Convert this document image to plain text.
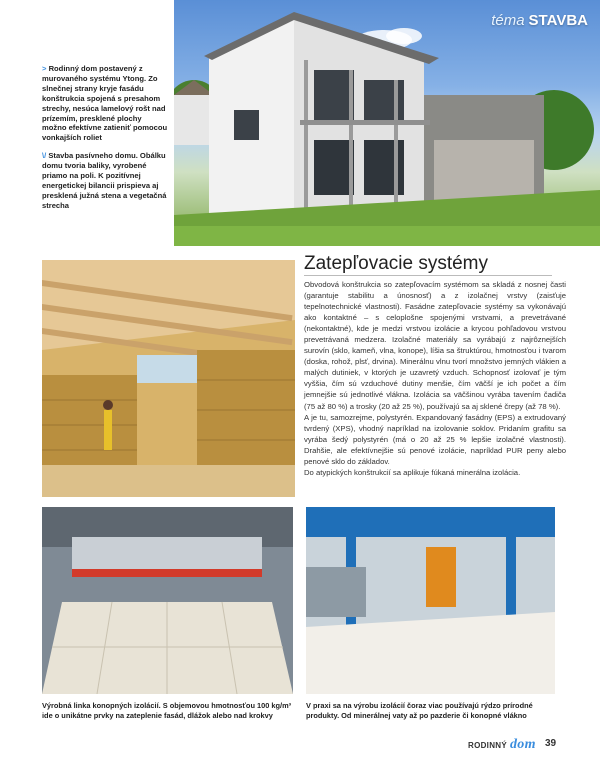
téma STAVBA
> Rodinný dom postavený z murovaného systému Ytong. Zo slnečnej strany kryje fasádu konštrukcia spojená s presahom strechy, nesúca lamelový rošt nad prízemím, presklené plochy možno efektívne zatieniť pomocou vonkajších roliet
\/ Stavba pasívneho domu. Obálku domu tvoria baliky, vyrobené priamo na poli. K pozitívnej energetickej bilancii prispieva aj presklená južná stena a vegetačná strecha
Zatepľovacie systémy

Obvodová konštrukcia so zatepľovacím systémom sa skladá z nosnej časti (garantuje stabilitu a únosnosť) a z izolačnej vrstvy (zaisťuje tepelnotechnické vlastnosti). Fasádne zatepľovacie systémy sa vykonávajú ako kontaktné – s celoplošne spojenými vrstvami, a prevetrávané (nekontaktné), kde je medzi vrstvou izolácie a krycou pohľadovou vrstvou prevetrávaná medzera. Izolačné materiály sa vyrábajú z najrôznejších surovín (sklo, kameň, vlna, konope), líšia sa štruktúrou, hmotnosťou i tvarom (doska, rohož, plsť, drvina). Minerálnu vlnu tvorí množstvo jemných vlákien a malých dutiniek, v ktorých je uzavretý vzduch. Schopnosť izolovať je tým vyššia, čím sú vzduchové dutiny menšie, čím väčší je ich počet a čím jemnejšie sú jednotlivé vlákna. Izolácia sa väčšinou vyrába tavením čadiča (75 až 80 %) a trosky (20 až 25 %), používajú sa aj sklené črepy (až 78 %).

A je tu, samozrejme, polystyrén. Expandovaný fasádny (EPS) a extrudovaný tvrdený (XPS), vhodný napríklad na izolovanie soklov. Pridaním grafitu sa vyrába šedý polystyrén (má o 20 až 25 % lepšie izolačné vlastnosti). Drahšie, ale efektívnejšie sú penové izolácie, napríklad PUR peny alebo penové sklo do základov.

Do atypických konštrukcií sa aplikuje fúkaná minerálna izolácia.

Výrobná linka konopných izolácií. S objemovou hmotnosťou 100 kg/m³ ide o unikátne prvky na zateplenie fasád, dlážok alebo nad krokvy
V praxi sa na výrobu izolácií čoraz viac používajú rýdzo prírodné produkty. Od minerálnej vaty až po pazderie či konopné vlákno
RODINNÝ dom 39
